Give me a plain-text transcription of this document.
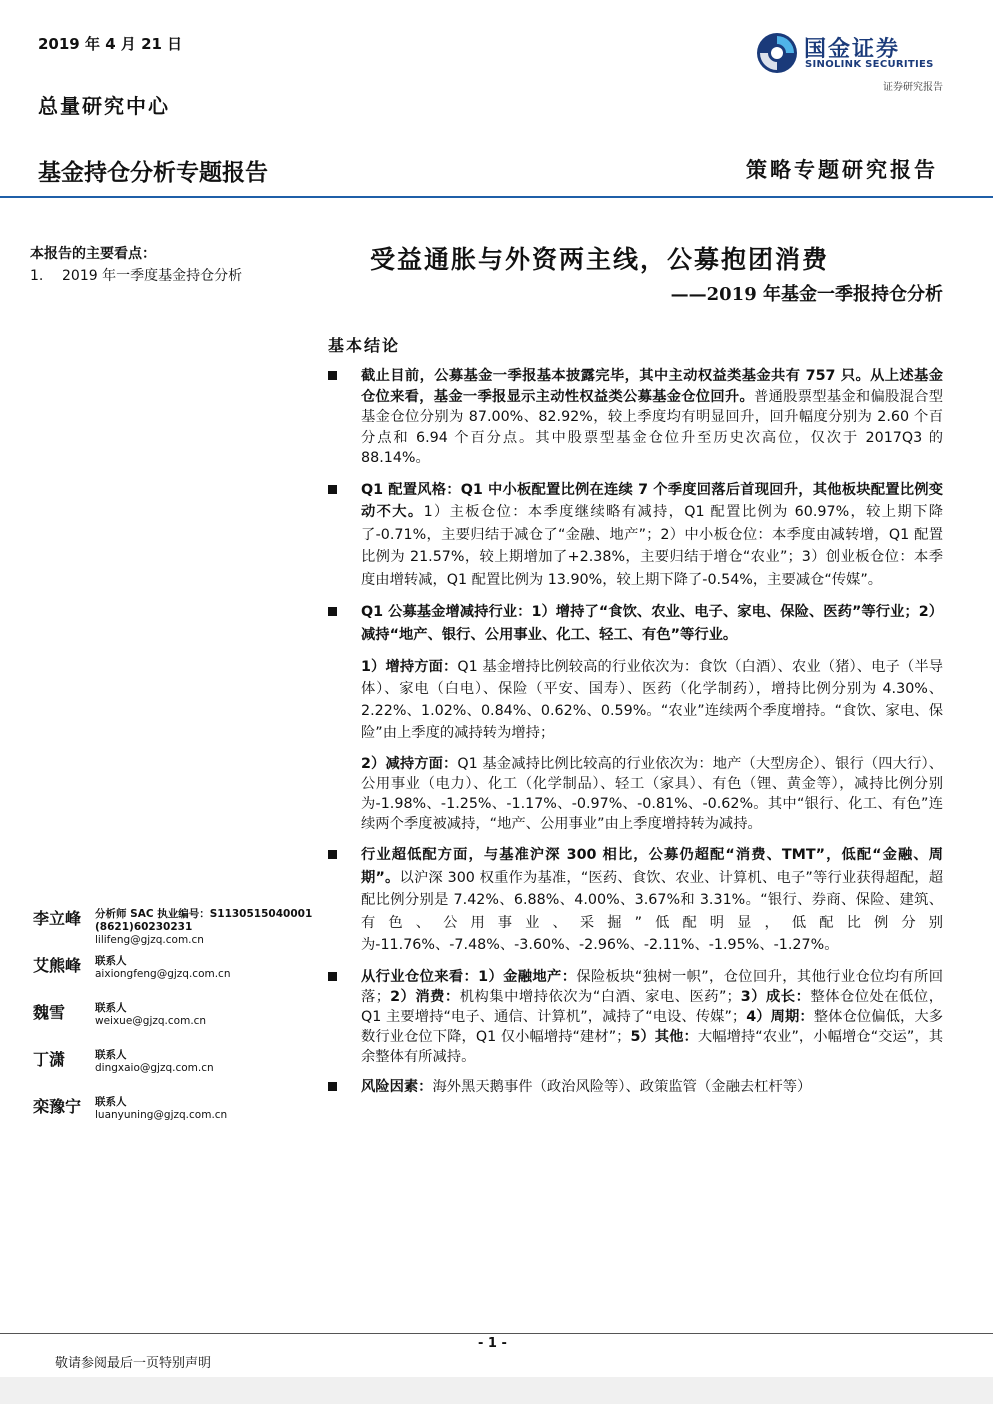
2019 年 4 月 21 日
总量研究中心
基金持仓分析专题报告	策略专题研究报告
国金证券
SINOLINK SECURITIES
证券研究报告
本报告的主要看点：
1. 2019 年一季度基金持仓分析
受益通胀与外资两主线，公募抱团消费
——2019 年基金一季报持仓分析
基本结论
截止目前，公募基金一季报基本披露完毕，其中主动权益类基金共有 757 只。从上述基金仓位来看，基金一季报显示主动性权益类公募基金仓位回升。普通股票型基金和偏股混合型基金仓位分别为 87.00%、82.92%，较上季度均有明显回升，回升幅度分别为 2.60 个百分点和 6.94 个百分点。其中股票型基金仓位升至历史次高位，仅次于 2017Q3 的 88.14%。
Q1 配置风格：Q1 中小板配置比例在连续 7 个季度回落后首现回升，其他板块配置比例变动不大。1）主板仓位：本季度继续略有减持，Q1 配置比例为 60.97%，较上期下降了-0.71%，主要归结于减仓了“金融、地产”；2）中小板仓位：本季度由减转增，Q1 配置比例为 21.57%，较上期增加了+2.38%，主要归结于增仓“农业”；3）创业板仓位：本季度由增转减，Q1 配置比例为 13.90%，较上期下降了-0.54%，主要减仓“传媒”。
Q1 公募基金增减持行业：1）增持了“食饮、农业、电子、家电、保险、医药”等行业；2）减持“地产、银行、公用事业、化工、轻工、有色”等行业。
1）增持方面：Q1 基金增持比例较高的行业依次为：食饮（白酒）、农业（猪）、电子（半导体）、家电（白电）、保险（平安、国寿）、医药（化学制药），增持比例分别为 4.30%、2.22%、1.02%、0.84%、0.62%、0.59%。“农业”连续两个季度增持。“食饮、家电、保险”由上季度的减持转为增持；
2）减持方面：Q1 基金减持比例比较高的行业依次为：地产（大型房企）、银行（四大行）、公用事业（电力）、化工（化学制品）、轻工（家具）、有色（锂、黄金等），减持比例分别为-1.98%、-1.25%、-1.17%、-0.97%、-0.81%、-0.62%。其中“银行、化工、有色”连续两个季度被减持，“地产、公用事业”由上季度增持转为减持。
行业超低配方面，与基准沪深 300 相比，公募仍超配“消费、TMT”，低配“金融、周期”。以沪深 300 权重作为基准，“医药、食饮、农业、计算机、电子”等行业获得超配，超配比例分别是 7.42%、6.88%、4.00%、3.67%和 3.31%。“银行、券商、保险、建筑、有色、公用事业、采掘”低配明显，低配比例分别为-11.76%、-7.48%、-3.60%、-2.96%、-2.11%、-1.95%、-1.27%。
从行业仓位来看：1）金融地产：保险板块“独树一帜”，仓位回升，其他行业仓位均有所回落；2）消费：机构集中增持依次为“白酒、家电、医药”；3）成长：整体仓位处在低位，Q1 主要增持“电子、通信、计算机”，减持了“电设、传媒”；4）周期：整体仓位偏低，大多数行业仓位下降，Q1 仅小幅增持“建材”；5）其他：大幅增持“农业”，小幅增仓“交运”，其余整体有所减持。
风险因素：海外黑天鹅事件（政治风险等）、政策监管（金融去杠杆等）
李立峰 分析师 SAC 执业编号：S1130515040001
(8621)60230231
lilifeng@gjzq.com.cn
艾熊峰 联系人
aixiongfeng@gjzq.com.cn
魏雪	联系人
weixue@gjzq.com.cn
丁潇	联系人
dingxaio@gjzq.com.cn
栾豫宁 联系人
luanyuning@gjzq.com.cn
- 1 -
敬请参阅最后一页特别声明
